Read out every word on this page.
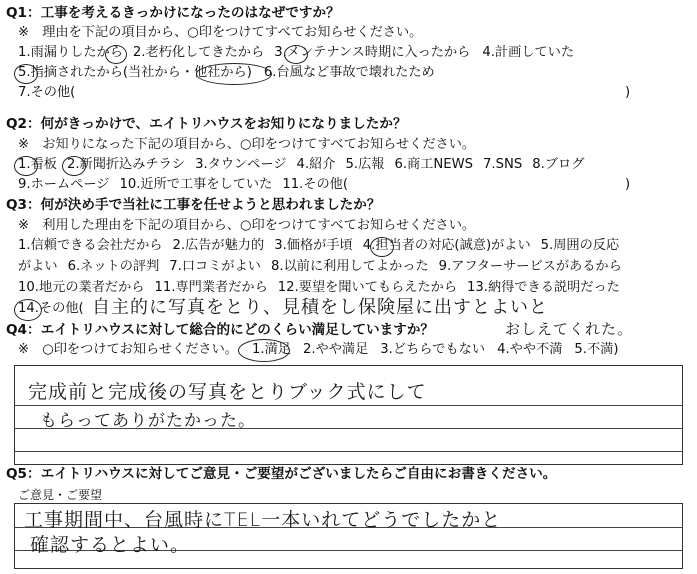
Q1：工事を考えるきっかけになったのはなぜですか？
※　理由を下記の項目から、○印をつけてすべてお知らせください。
1.雨漏りしたから 2.老朽化してきたから 3.メンテナンス時期に入ったから 4.計画していた
5.指摘されたから(当社から・他社から) 6.台風など事故で壊れたため
7.その他(	)
Q2：何がきっかけで、エイトリハウスをお知りになりましたか？
※　お知りになった下記の項目から、○印をつけてすべてお知らせください。
1.看板 2.新聞折込みチラシ 3.タウンページ 4.紹介 5.広報 6.商工NEWS 7.SNS 8.ブログ
9.ホームページ 10.近所で工事をしていた 11.その他(	)
Q3：何が決め手で当社に工事を任せようと思われましたか？
※　利用した理由を下記の項目から、○印をつけてすべてお知らせください。
1.信頼できる会社だから 2.広告が魅力的 3.価格が手頃 4.担当者の対応(誠意)がよい 5.周囲の反応
がよい 6.ネットの評判 7.口コミがよい 8.以前に利用してよかった 9.アフターサービスがあるから
10.地元の業者だから 11.専門業者だから 12.要望を聞いてもらえたから 13.納得できる説明だった
14.その他( 自主的に写真をとり、見積をし保険屋に出すとよいと
おしえてくれた。
Q4：エイトリハウスに対して総合的にどのくらい満足していますか？
※　○印をつけてお知らせください。 1.満足 2.やや満足 3.どちらでもない 4.やや不満 5.不満)
完成前と完成後の写真をとりブック式にして
もらってありがたかった。
Q5：エイトリハウスに対してご意見・ご要望がございましたらご自由にお書きください。
ご意見・ご要望
工事期間中、台風時にTEL一本いれてどうでしたかと
確認するとよい。
